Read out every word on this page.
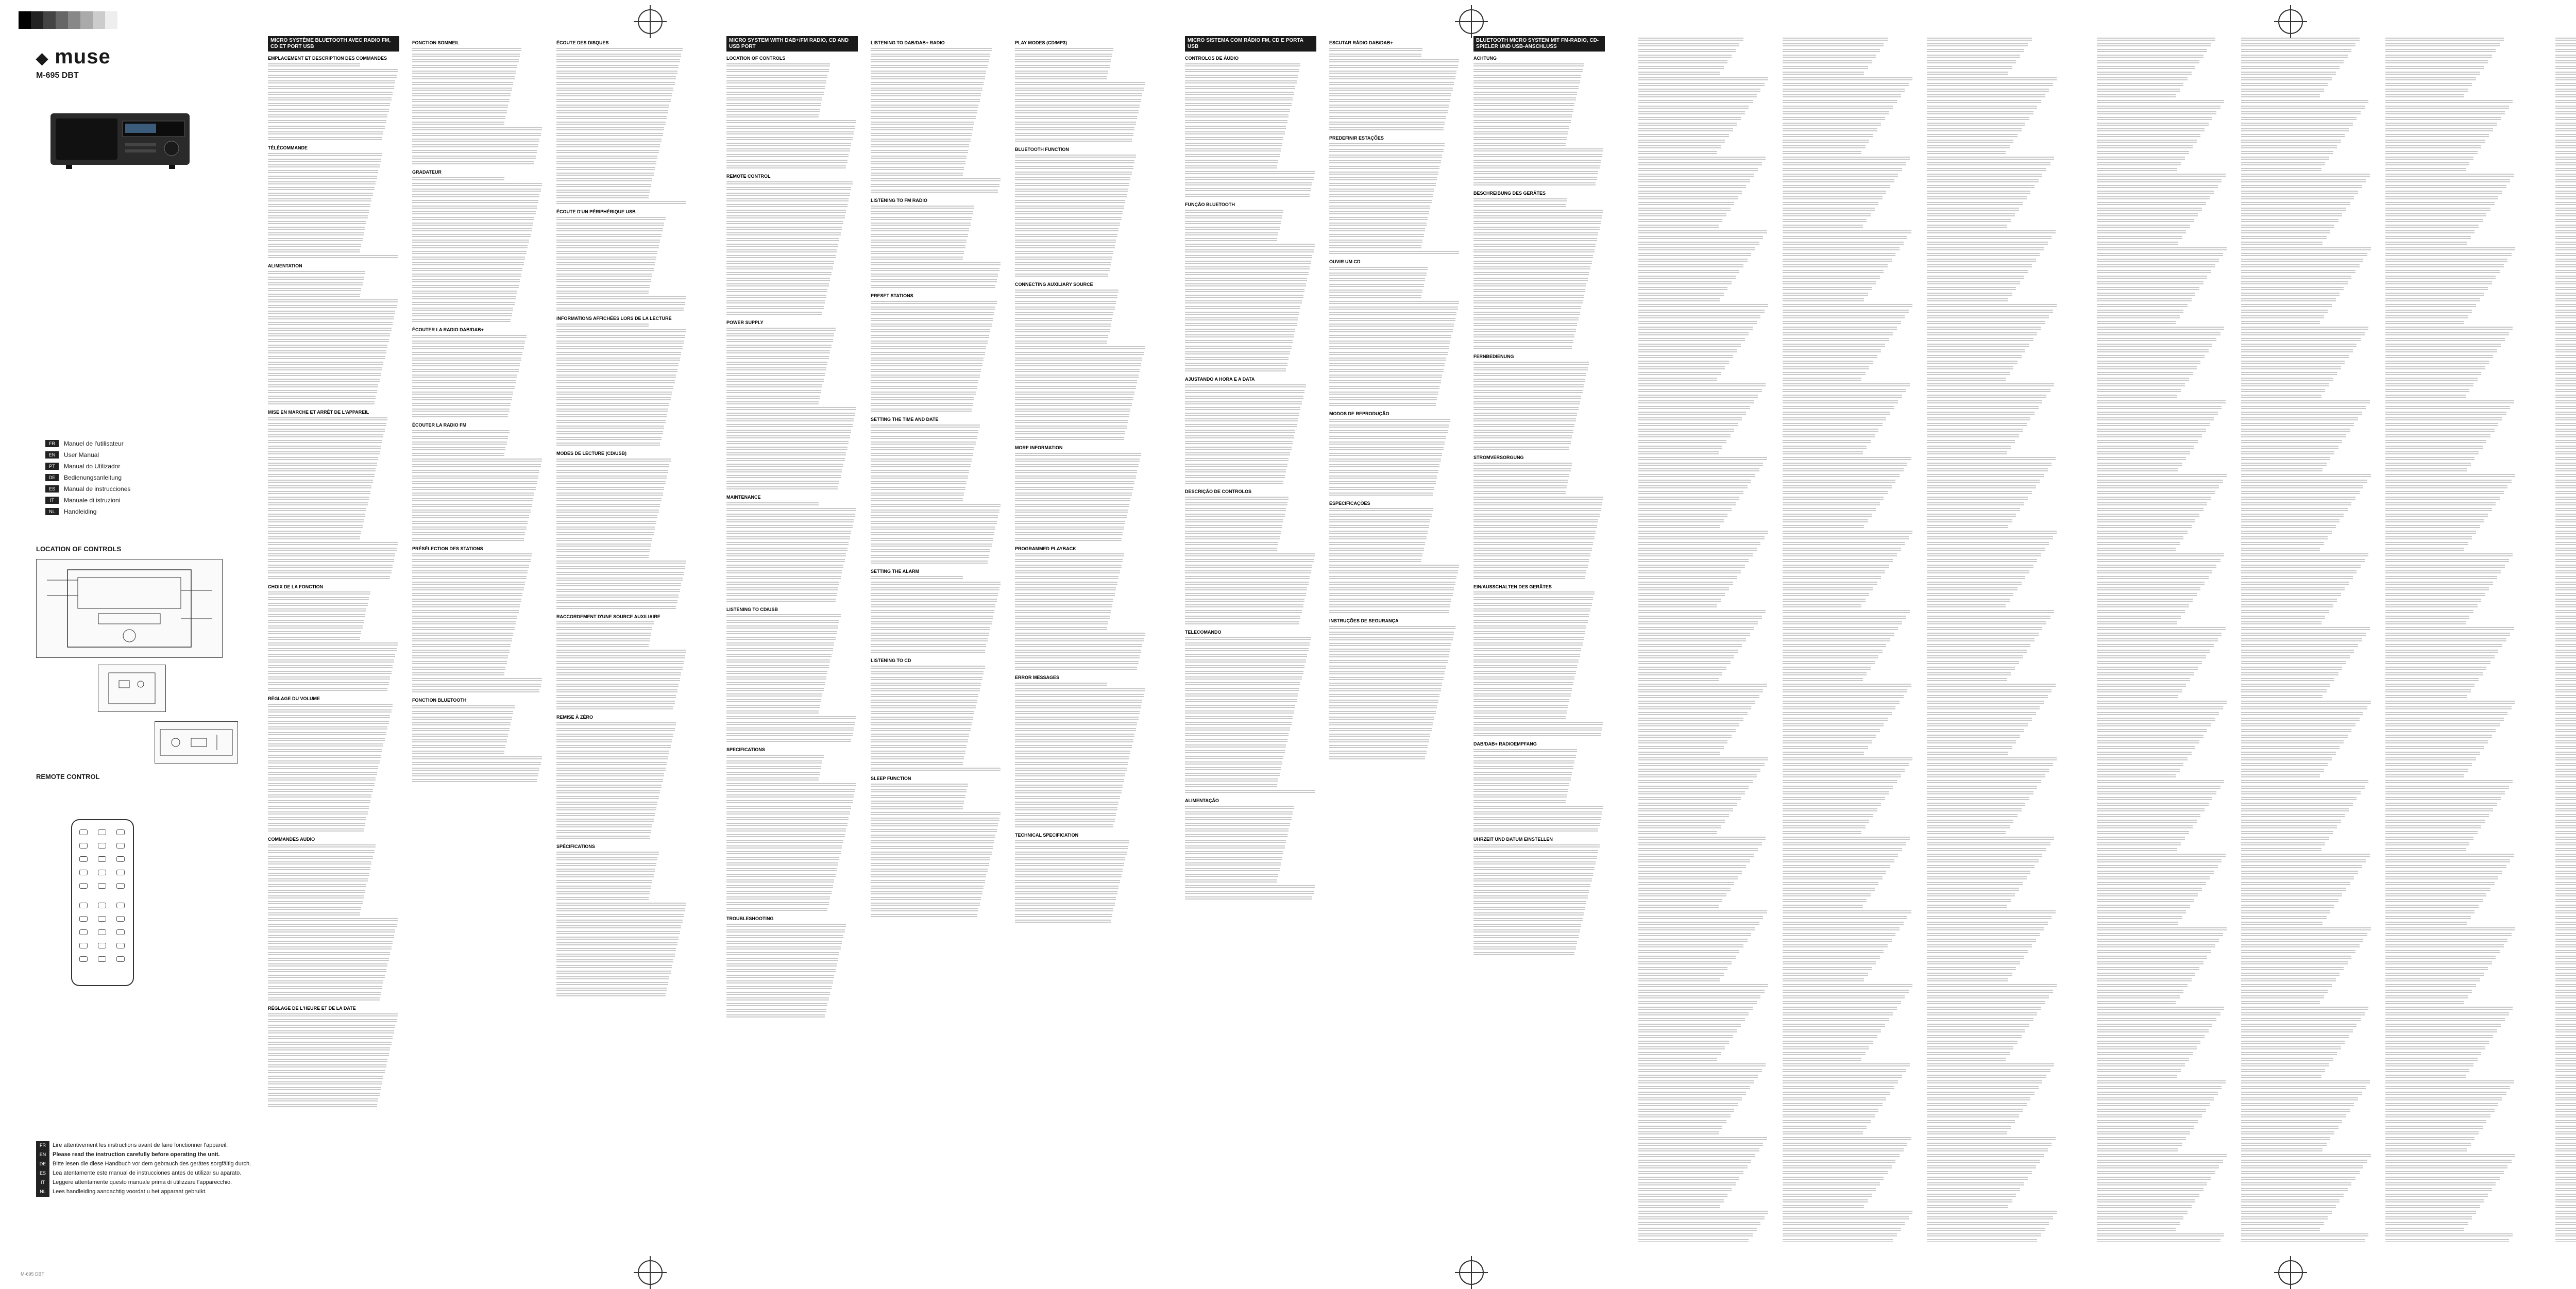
◆ muse
M-695 DBT
FR	Manuel de l'utilisateur
EN	User Manual
PT	Manual do Utilizador
DE	Bedienungsanleitung
ES	Manual de instrucciones
IT	Manuale di istruzioni
NL	Handleiding
LOCATION OF CONTROLS
REMOTE CONTROL
FR Lire attentivement les instructions avant de faire fonctionner l'appareil.
EN Please read the instruction carefully before operating the unit.
DE Bitte lesen die diese Handbuch vor dem gebrauch des gerätes sorgfältig durch.
ES Lea atentamente este manual de instrucciones antes de utilizar su aparato.
IT Leggere attentamente questo manuale prima di utilizzare l'apparecchio.
NL Lees handleiding aandachtig voordat u het apparaat gebruikt.
MICRO SYSTÈME BLUETOOTH AVEC RADIO FM, CD ET PORT USB
EMPLACEMENT ET DESCRIPTION DES COMMANDES
TÉLÉCOMMANDE
ALIMENTATION
MISE EN MARCHE ET ARRÊT DE L'APPAREIL
CHOIX DE LA FONCTION
RÉGLAGE DU VOLUME
COMMANDES AUDIO
RÉGLAGE DE L'HEURE ET DE LA DATE
FONCTION SOMMEIL
GRADATEUR
ÉCOUTER LA RADIO DAB/DAB+
ÉCOUTER LA RADIO FM
PRÉSÉLECTION DES STATIONS
FONCTION BLUETOOTH
ÉCOUTE DES DISQUES
ÉCOUTE D'UN PÉRIPHÉRIQUE USB
INFORMATIONS AFFICHÉES LORS DE LA LECTURE
MODES DE LECTURE (CD/USB)
RACCORDEMENT D'UNE SOURCE AUXILIAIRE
REMISE À ZÉRO
SPÉCIFICATIONS
MICRO SYSTEM WITH DAB+/FM RADIO, CD AND USB PORT
LOCATION OF CONTROLS
REMOTE CONTROL
POWER SUPPLY
MAINTENANCE
LISTENING TO CD/USB
SPECIFICATIONS
TROUBLESHOOTING
LISTENING TO DAB/DAB+ RADIO
LISTENING TO FM RADIO
PRESET STATIONS
SETTING THE TIME AND DATE
SETTING THE ALARM
LISTENING TO CD
SLEEP FUNCTION
PLAY MODES (CD/MP3)
BLUETOOTH FUNCTION
CONNECTING AUXILIARY SOURCE
MORE INFORMATION
PROGRAMMED PLAYBACK
ERROR MESSAGES
TECHNICAL SPECIFICATION
MICRO SISTEMA COM RÁDIO FM, CD E PORTA USB
CONTROLOS DE ÁUDIO
FUNÇÃO BLUETOOTH
AJUSTANDO A HORA E A DATA
DESCRIÇÃO DE CONTROLOS
TELECOMANDO
ALIMENTAÇÃO
ESCUTAR RÁDIO DAB/DAB+
PREDEFINIR ESTAÇÕES
OUVIR UM CD
MODOS DE REPRODUÇÃO
ESPECIFICAÇÕES
INSTRUÇÕES DE SEGURANÇA
BLUETOOTH MICRO SYSTEM MIT FM-RADIO, CD-SPIELER UND USB-ANSCHLUSS
ACHTUNG
BESCHREIBUNG DES GERÄTES
FERNBEDIENUNG
STROMVERSORGUNG
EIN/AUSSCHALTEN DES GERÄTES
DAB/DAB+ RADIOEMPFANG
UHRZEIT UND DATUM EINSTELLEN
M-695 DBT
